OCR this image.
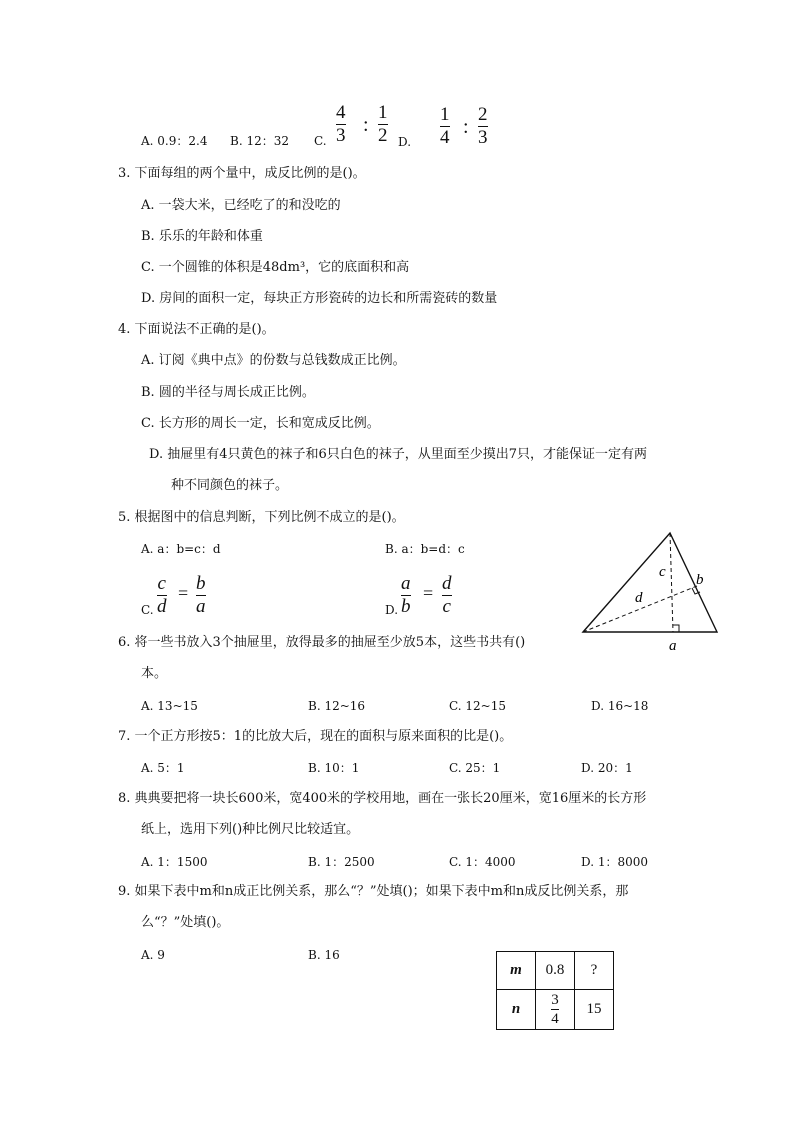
A. 0.9：2.4 B. 12：32 C.
4
3 :
1
2 D.
1
4 :
2
3
3. 下面每组的两个量中，成反比例的是()。
A. 一袋大米，已经吃了的和没吃的
B. 乐乐的年龄和体重
C. 一个圆锥的体积是48dm³，它的底面积和高
D. 房间的面积一定，每块正方形瓷砖的边长和所需瓷砖的数量
4. 下面说法不正确的是()。
A. 订阅《典中点》的份数与总钱数成正比例。
B. 圆的半径与周长成正比例。
C. 长方形的周长一定，长和宽成反比例。
D. 抽屉里有4只黄色的袜子和6只白色的袜子，从里面至少摸出7只，才能保证一定有两
种不同颜色的袜子。
5. 根据图中的信息判断，下列比例不成立的是()。
A. a：b=c：d	B. a：b=d：c
C.
c
d
= b
a	D.
a
b
= d
c
c b
d
a
6. 将一些书放入3个抽屉里，放得最多的抽屉至少放5本，这些书共有()
本。
A. 13~15	B. 12~16	C. 12~15	D. 16~18
7. 一个正方形按5：1的比放大后，现在的面积与原来面积的比是()。
A. 5：1	B. 10：1	C. 25：1	D. 20：1
8. 典典要把将一块长600米，宽400米的学校用地，画在一张长20厘米，宽16厘米的长方形
纸上，选用下列()种比例尺比较适宜。
A. 1：1500	B. 1：2500	C. 1：4000	D. 1：8000
9. 如果下表中m和n成正比例关系，那么“？”处填()；如果下表中m和n成反比例关系，那
么“？”处填()。
A. 9	B. 16
m	0.8	?
n	$\frac{3}{4}$	15
